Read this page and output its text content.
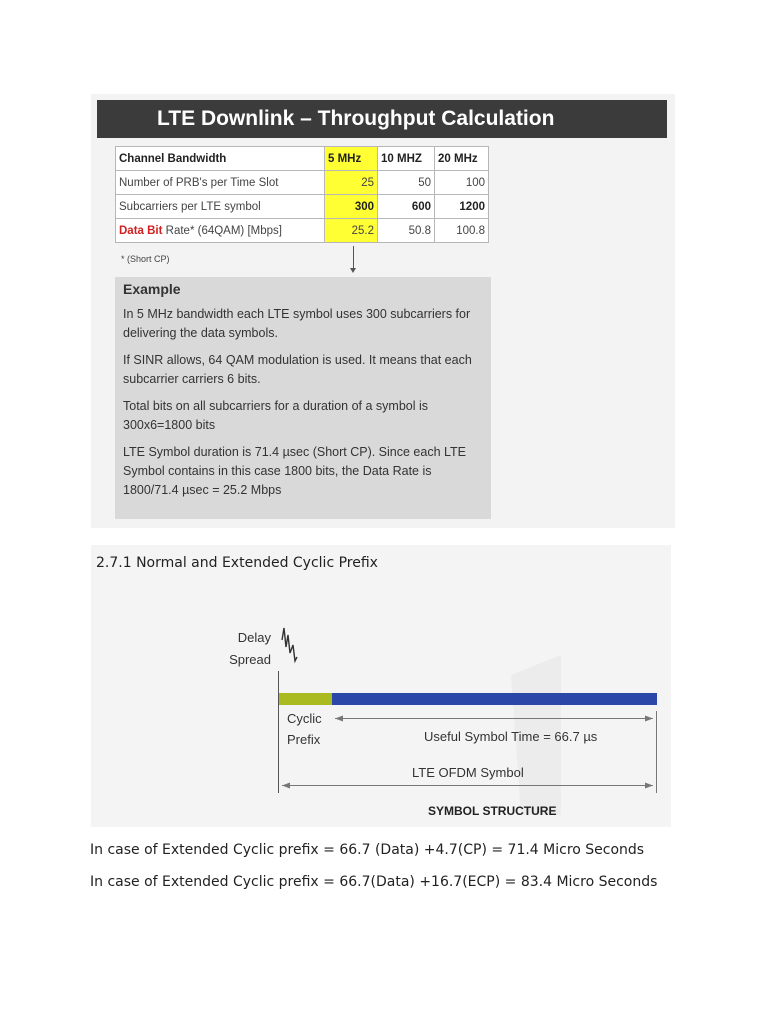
LTE Downlink – Throughput Calculation
Channel Bandwidth	5 MHz	10 MHZ	20 MHz
Number of PRB's per Time Slot	25	50	100
Subcarriers per LTE symbol	300	600	1200
Data Bit Rate* (64QAM) [Mbps]	25.2	50.8	100.8
* (Short CP)
Example

In 5 MHz bandwidth each LTE symbol uses 300 subcarriers for delivering the data symbols.

If SINR allows, 64 QAM modulation is used. It means that each subcarrier carriers 6 bits.

Total bits on all subcarriers for a duration of a symbol is 300x6=1800 bits

LTE Symbol duration is 71.4 µsec (Short CP). Since each LTE Symbol contains in this case 1800 bits, the Data Rate is 1800/71.4 µsec = 25.2 Mbps

Delay
Spread
Cyclic
Prefix	Useful Symbol Time = 66.7 µs
LTE OFDM Symbol
SYMBOL STRUCTURE
2.7.1 Normal and Extended Cyclic Prefix
In case of Extended Cyclic prefix = 66.7 (Data) +4.7(CP) = 71.4 Micro Seconds
In case of Extended Cyclic prefix = 66.7(Data) +16.7(ECP) = 83.4 Micro Seconds
